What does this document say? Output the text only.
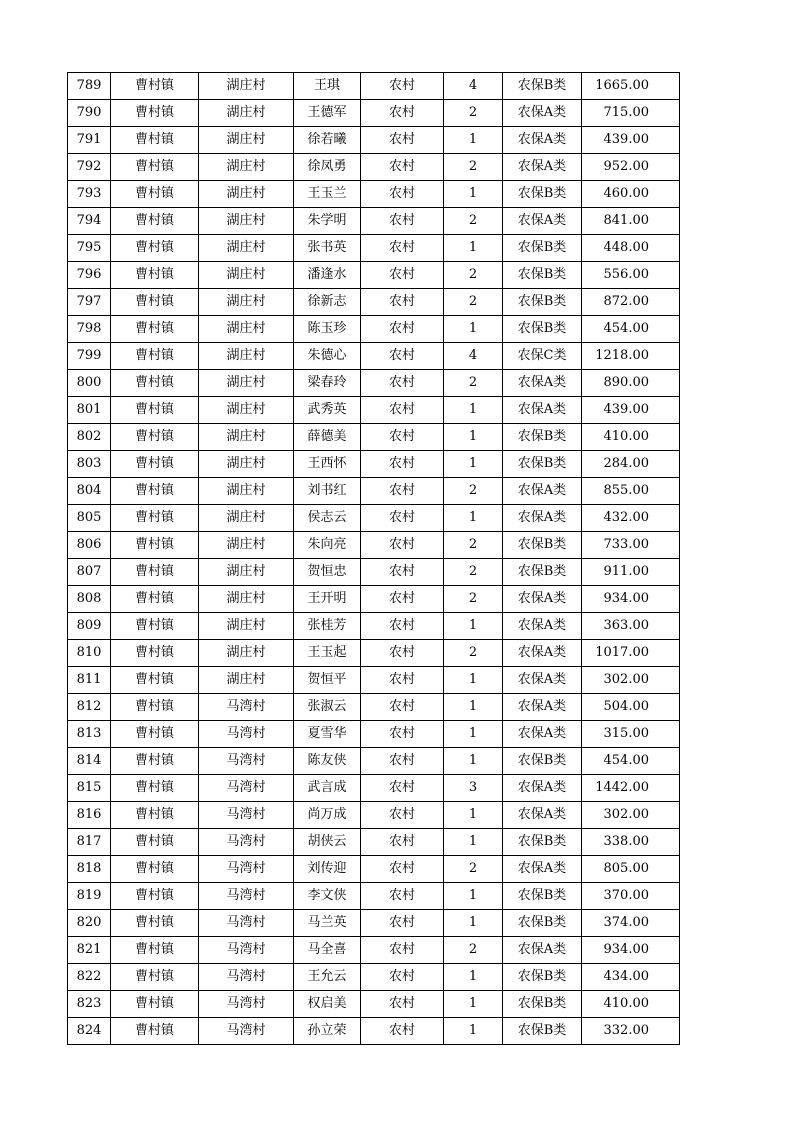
789	曹村镇	湖庄村	王琪	农村	4	农保B类	1665.00
790	曹村镇	湖庄村	王德军	农村	2	农保A类	715.00
791	曹村镇	湖庄村	徐若曦	农村	1	农保A类	439.00
792	曹村镇	湖庄村	徐凤勇	农村	2	农保A类	952.00
793	曹村镇	湖庄村	王玉兰	农村	1	农保B类	460.00
794	曹村镇	湖庄村	朱学明	农村	2	农保A类	841.00
795	曹村镇	湖庄村	张书英	农村	1	农保B类	448.00
796	曹村镇	湖庄村	潘逢水	农村	2	农保B类	556.00
797	曹村镇	湖庄村	徐新志	农村	2	农保B类	872.00
798	曹村镇	湖庄村	陈玉珍	农村	1	农保B类	454.00
799	曹村镇	湖庄村	朱德心	农村	4	农保C类	1218.00
800	曹村镇	湖庄村	梁春玲	农村	2	农保A类	890.00
801	曹村镇	湖庄村	武秀英	农村	1	农保A类	439.00
802	曹村镇	湖庄村	薛德美	农村	1	农保B类	410.00
803	曹村镇	湖庄村	王西怀	农村	1	农保B类	284.00
804	曹村镇	湖庄村	刘书红	农村	2	农保A类	855.00
805	曹村镇	湖庄村	侯志云	农村	1	农保A类	432.00
806	曹村镇	湖庄村	朱向亮	农村	2	农保B类	733.00
807	曹村镇	湖庄村	贺恒忠	农村	2	农保B类	911.00
808	曹村镇	湖庄村	王开明	农村	2	农保A类	934.00
809	曹村镇	湖庄村	张桂芳	农村	1	农保A类	363.00
810	曹村镇	湖庄村	王玉起	农村	2	农保A类	1017.00
811	曹村镇	湖庄村	贺恒平	农村	1	农保A类	302.00
812	曹村镇	马湾村	张淑云	农村	1	农保A类	504.00
813	曹村镇	马湾村	夏雪华	农村	1	农保A类	315.00
814	曹村镇	马湾村	陈友侠	农村	1	农保B类	454.00
815	曹村镇	马湾村	武言成	农村	3	农保A类	1442.00
816	曹村镇	马湾村	尚万成	农村	1	农保A类	302.00
817	曹村镇	马湾村	胡侠云	农村	1	农保B类	338.00
818	曹村镇	马湾村	刘传迎	农村	2	农保A类	805.00
819	曹村镇	马湾村	李文侠	农村	1	农保B类	370.00
820	曹村镇	马湾村	马兰英	农村	1	农保B类	374.00
821	曹村镇	马湾村	马全喜	农村	2	农保A类	934.00
822	曹村镇	马湾村	王允云	农村	1	农保B类	434.00
823	曹村镇	马湾村	权启美	农村	1	农保B类	410.00
824	曹村镇	马湾村	孙立荣	农村	1	农保B类	332.00
